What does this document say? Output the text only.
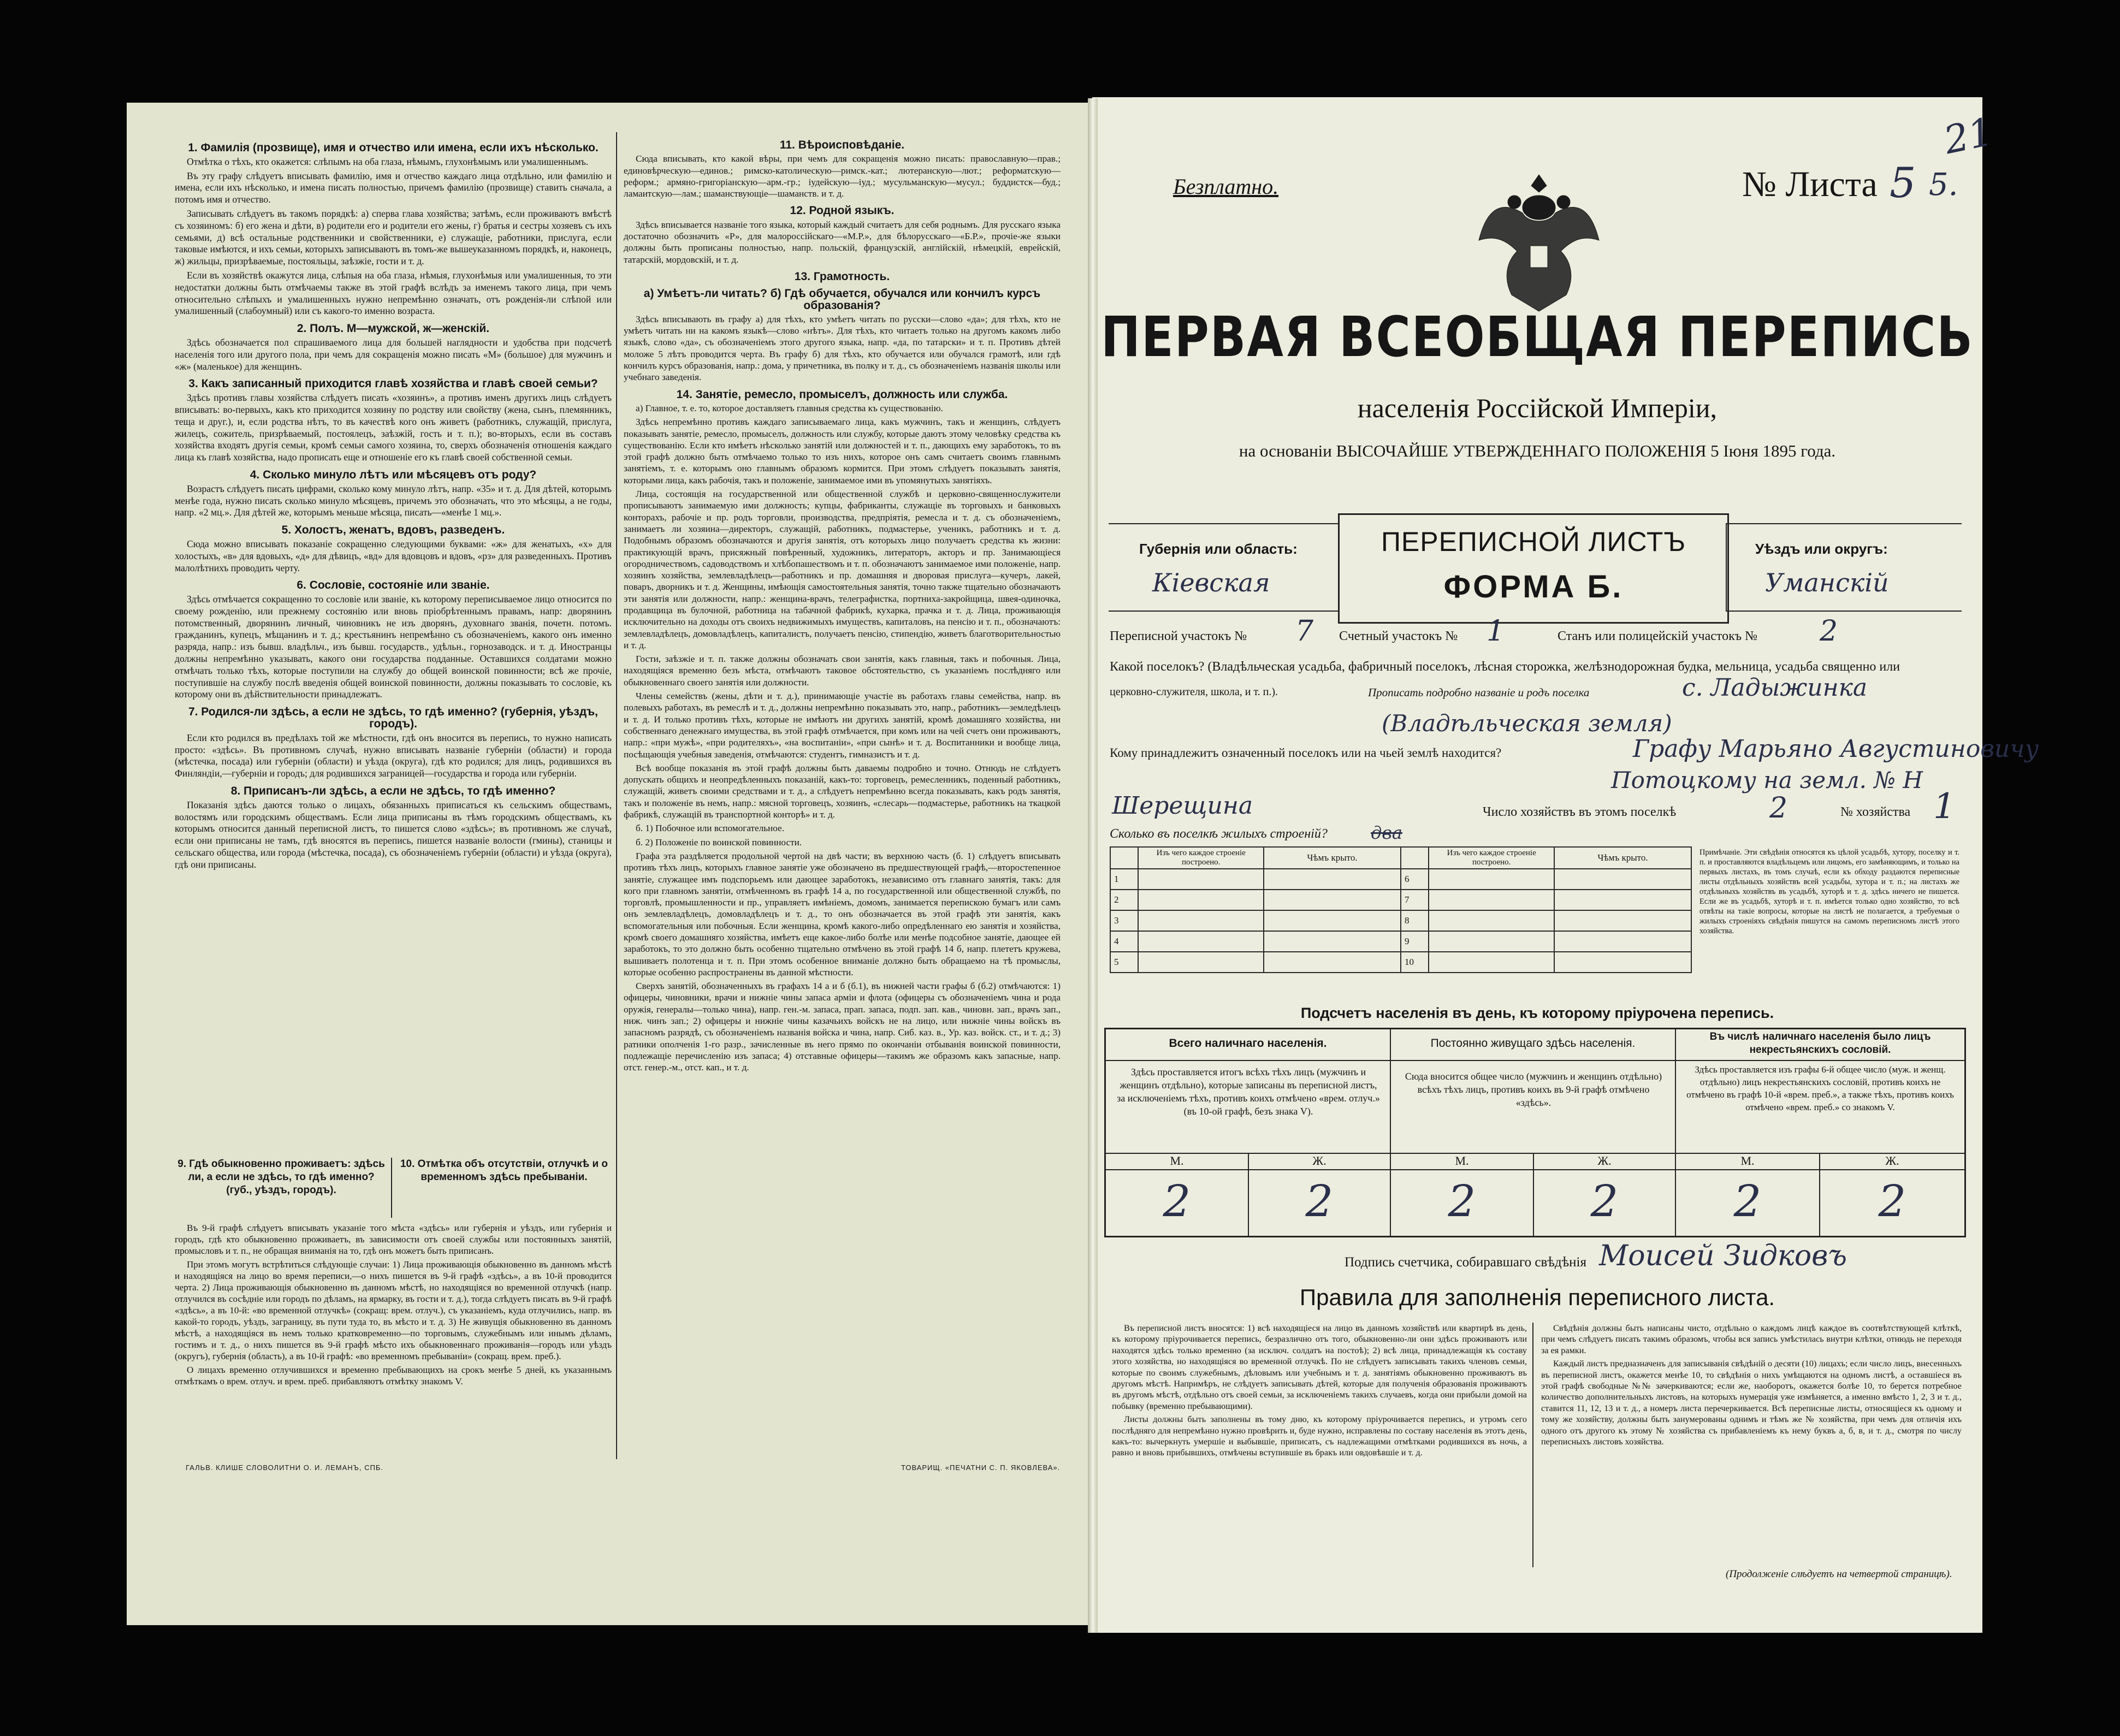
1. Фамилія (прозвище), имя и отчество или имена, если ихъ нѣсколько.

Отмѣтка о тѣхъ, кто окажется: слѣпымъ на оба глаза, нѣмымъ, глухонѣмымъ или умалишеннымъ.

Въ эту графу слѣдуетъ вписывать фамилію, имя и отчество каждаго лица отдѣльно, или фамилію и имена, если ихъ нѣсколько, и имена писать полностью, причемъ фамилію (прозвище) ставить сначала, а потомъ имя и отчество.

Записывать слѣдуетъ въ такомъ порядкѣ: а) сперва глава хозяйства; затѣмъ, если проживаютъ вмѣстѣ съ хозяиномъ: б) его жена и дѣти, в) родители его и родители его жены, г) братья и сестры хозяевъ съ ихъ семьями, д) всѣ остальные родственники и свойственники, е) служащіе, работники, прислуга, если таковые имѣются, и ихъ семьи, которыхъ записываютъ въ томъ-же вышеуказанномъ порядкѣ, и, наконецъ, ж) жильцы, призрѣваемые, постояльцы, заѣзжіе, гости и т. д.

Если въ хозяйствѣ окажутся лица, слѣпыя на оба глаза, нѣмыя, глухонѣмыя или умалишенныя, то эти недостатки должны быть отмѣчаемы также въ этой графѣ вслѣдъ за именемъ такого лица, при чемъ относительно слѣпыхъ и умалишенныхъ нужно непремѣнно означать, отъ рожденія-ли слѣпой или умалишенный (слабоумный) или съ какого-то именно возраста.

2. Полъ. М—мужской, ж—женскій.

Здѣсь обозначается пол спрашиваемого лица для большей наглядности и удобства при подсчетѣ населенія того или другого пола, при чемъ для сокращенія можно писать «М» (большое) для мужчинъ и «ж» (маленькое) для женщинъ.

3. Какъ записанный приходится главѣ хозяйства и главѣ своей семьи?

Здѣсь противъ главы хозяйства слѣдуетъ писать «хозяинъ», а противъ именъ другихъ лицъ слѣдуетъ вписывать: во-первыхъ, какъ кто приходится хозяину по родству или свойству (жена, сынъ, племянникъ, теща и друг.), и, если родства нѣтъ, то въ качествѣ кого онъ живетъ (работникъ, служащій, прислуга, жилецъ, сожитель, призрѣваемый, постоялецъ, заѣзжій, гость и т. п.); во-вторыхъ, если въ составъ хозяйства входятъ другія семьи, кромѣ семьи самого хозяина, то, сверхъ обозначенія отношенія каждаго лица къ главѣ хозяйства, надо прописать еще и отношеніе его къ главѣ своей собственной семьи.

4. Сколько минуло лѣтъ или мѣсяцевъ отъ роду?

Возрастъ слѣдуетъ писать цифрами, сколько кому минуло лѣтъ, напр. «35» и т. д. Для дѣтей, которымъ менѣе года, нужно писать сколько минуло мѣсяцевъ, причемъ это обозначать, что это мѣсяцы, а не годы, напр. «2 мц.». Для дѣтей же, которымъ меньше мѣсяца, писать—«менѣе 1 мц.».

5. Холостъ, женатъ, вдовъ, разведенъ.

Сюда можно вписывать показаніе сокращенно следующими буквами: «ж» для женатыхъ, «х» для холостыхъ, «в» для вдовыхъ, «д» для дѣвицъ, «вд» для вдовцовъ и вдовъ, «рз» для разведенныхъ. Противъ малолѣтнихъ проводить черту.

6. Сословіе, состояніе или званіе.

Здѣсь отмѣчается сокращенно то сословіе или званіе, къ которому переписываемое лицо относится по своему рожденію, или прежнему состоянію или вновь пріобрѣтеннымъ правамъ, напр: дворянинъ потомственный, дворянинъ личный, чиновникъ не изъ дворянъ, духовнаго званія, почетн. потомъ. гражданинъ, купецъ, мѣщанинъ и т. д.; крестьянинъ непремѣнно съ обозначеніемъ, какого онъ именно разряда, напр.: изъ бывш. владѣльч., изъ бывш. государств., удѣльн., горнозаводск. и т. д. Иностранцы должны непремѣнно указывать, какого они государства подданные. Оставшихся солдатами можно отмѣчать только тѣхъ, которые поступили на службу до общей воинской повинности; всѣ же прочіе, поступившіе на службу послѣ введенія общей воинской повинности, должны показывать то сословіе, къ которому они въ дѣйствительности принадлежатъ.

7. Родился-ли здѣсь, а если не здѣсь, то гдѣ именно? (губернія, уѣздъ, городъ).

Если кто родился въ предѣлахъ той же мѣстности, гдѣ онъ вносится въ перепись, то нужно написать просто: «здѣсь». Въ противномъ случаѣ, нужно вписывать названіе губерніи (области) и города (мѣстечка, посада) или губерніи (области) и уѣзда (округа), гдѣ кто родился; для лицъ, родившихся въ Финляндіи,—губерніи и городъ; для родившихся заграницей—государства и города или губерніи.

8. Приписанъ-ли здѣсь, а если не здѣсь, то гдѣ именно?

Показанія здѣсь даются только о лицахъ, обязанныхъ приписаться къ сельскимъ обществамъ, волостямъ или городскимъ обществамъ. Если лица приписаны въ тѣмъ городскимъ обществамъ, къ которымъ относится данный переписной листъ, то пишется слово «здѣсь»; въ противномъ же случаѣ, если они приписаны не тамъ, гдѣ вносятся въ перепись, пишется названіе волости (гмины), станицы и сельскаго общества, или города (мѣстечка, посада), съ обозначеніемъ губерніи (области) и уѣзда (округа), гдѣ они приписаны.

9. Гдѣ обыкновенно проживаетъ: здѣсь ли, а если не здѣсь, то гдѣ именно? (губ., уѣздъ, городъ).
10. Отмѣтка объ отсутствіи, отлучкѣ и о временномъ здѣсь пребываніи.

Въ 9-й графѣ слѣдуетъ вписывать указаніе того мѣста «здѣсь» или губернія и уѣздъ, или губернія и городъ, гдѣ кто обыкновенно проживаетъ, въ зависимости отъ своей службы или постоянныхъ занятій, промысловъ и т. п., не обращая вниманія на то, гдѣ онъ можетъ быть приписанъ.

При этомъ могутъ встрѣтиться слѣдующіе случаи: 1) Лица проживающія обыкновенно въ данномъ мѣстѣ и находящіяся на лицо во время переписи,—о нихъ пишется въ 9-й графѣ «здѣсь», а въ 10-й проводится черта. 2) Лица проживающія обыкновенно въ данномъ мѣстѣ, но находящіяся во временной отлучкѣ (напр. отлучился въ сосѣдніе или городъ по дѣламъ, на ярмарку, въ гости и т. д.), тогда слѣдуетъ писать въ 9-й графѣ «здѣсь», а въ 10-й: «во временной отлучкѣ» (сокращ: врем. отлуч.), съ указаніемъ, куда отлучились, напр. въ какой-то городъ, уѣздъ, заграницу, въ пути туда то, въ мѣсто и т. д. 3) Не живущія обыкновенно въ данномъ мѣстѣ, а находящіяся въ немъ только кратковременно—по торговымъ, служебнымъ или инымъ дѣламъ, гостимъ и т. д., о нихъ пишется въ 9-й графѣ мѣсто ихъ обыкновеннаго проживанія—городъ или уѣздъ (округъ), губернія (область), а въ 10-й графѣ: «во временномъ пребываніи» (сокращ. врем. преб.).

О лицахъ временно отлучившихся и временно пребывающихъ на срокъ менѣе 5 дней, къ указаннымъ отмѣткамъ о врем. отлуч. и врем. преб. прибавляютъ отмѣтку знакомъ V.

11. Вѣроисповѣданіе.

Сюда вписывать, кто какой вѣры, при чемъ для сокращенія можно писать: православную—прав.; единовѣрческую—единов.; римско-католическую—римск.-кат.; лютеранскую—лют.; реформатскую—реформ.; армяно-григоріанскую—арм.-гр.; іудейскую—іуд.; мусульманскую—мусул.; буддистск—буд.; ламаитскую—лам.; шаманствующіе—шаманств. и т. д.

12. Родной языкъ.

Здѣсь вписывается названіе того языка, который каждый считаетъ для себя роднымъ. Для русскаго языка достаточно обозначить «Р», для малороссійскаго—«М.Р.», для бѣлорусскаго—«Б.Р.», прочіе-же языки должны быть прописаны полностью, напр. польскій, французскій, англійскій, нѣмецкій, еврейскій, татарскій, мордовскій, и т. д.

13. Грамотность.
а) Умѣетъ-ли читать? б) Гдѣ обучается, обучался или кончилъ курсъ образованія?

Здѣсь вписывають въ графу а) для тѣхъ, кто умѣетъ читать по русски—слово «да»; для тѣхъ, кто не умѣетъ читать ни на какомъ языкѣ—слово «нѣтъ». Для тѣхъ, кто читаетъ только на другомъ какомъ либо языкѣ, слово «да», съ обозначеніемъ этого другого языка, напр. «да, по татарски» и т. п. Противъ дѣтей моложе 5 лѣтъ проводится черта. Въ графу б) для тѣхъ, кто обучается или обучался грамотѣ, или гдѣ кончилъ курсъ образованія, напр.: дома, у причетника, въ полку и т. д., съ обозначеніемъ названія школы или учебнаго заведенія.

14. Занятіе, ремесло, промыселъ, должность или служба.

а) Главное, т. е. то, которое доставляетъ главныя средства къ существованію.

Здѣсь непремѣнно противъ каждаго записываемаго лица, какъ мужчинъ, такъ и женщинъ, слѣдуетъ показывать занятіе, ремесло, промыселъ, должность или службу, которые даютъ этому человѣку средства къ существованію. Если кто имѣетъ нѣсколько занятій или должностей и т. п., дающихъ ему заработокъ, то въ этой графѣ должно быть отмѣчаемо только то изъ нихъ, которое онъ самъ считаетъ своимъ главнымъ занятіемъ, т. е. которымъ оно главнымъ образомъ кормится. При этомъ слѣдуетъ показывать занятія, которыми лица, какъ рабочія, такъ и положеніе, занимаемое ими въ упомянутыхъ занятіяхъ.

Лица, состоящія на государственной или общественной службѣ и церковно-священнослужители прописываютъ занимаемую ими должность; купцы, фабриканты, служащіе въ торговыхъ и банковыхъ конторахъ, рабочіе и пр. родъ торговли, производства, предпріятія, ремесла и т. д. съ обозначеніемъ, занимаетъ ли хозяина—директоръ, служащій, работникъ, подмастерье, ученикъ, работникъ и т. д. Подобнымъ образомъ обозначаются и другія занятія, отъ которыхъ лицо получаетъ средства къ жизни: практикующій врачъ, присяжный повѣренный, художникъ, литераторъ, акторъ и пр. Занимающіеся огородничествомъ, садоводствомъ и хлѣбопашествомъ и т. п. обозначаютъ занимаемое ими положеніе, напр. хозяинъ хозяйства, землевладѣлецъ—работникъ и пр. домашняя и дворовая прислуга—кучеръ, лакей, поваръ, дворникъ и т. д. Женщины, имѣющія самостоятельныя занятія, точно также тщательно обозначаютъ эти занятія или должности, напр.: женщина-врачъ, телеграфистка, портниха-закройщица, швея-одиночка, продавщица въ булочной, работница на табачной фабрикѣ, кухарка, прачка и т. д. Лица, проживающія исключительно на доходы отъ своихъ недвижимыхъ имуществъ, капиталовъ, на пенсію и т. п., обозначаютъ: землевладѣлецъ, домовладѣлецъ, капиталистъ, получаетъ пенсію, стипендію, живетъ благотворительностью и т. д.

Гости, заѣзжіе и т. п. также должны обозначать свои занятія, какъ главныя, такъ и побочныя. Лица, находящіяся временно безъ мѣста, отмѣчаютъ таковое обстоятельство, съ указаніемъ послѣдняго или обыкновеннаго своего занятія или должности.

Члены семействъ (жены, дѣти и т. д.), принимающіе участіе въ работахъ главы семейства, напр. въ полевыхъ работахъ, въ ремеслѣ и т. д., должны непремѣнно показывать это, напр., работникъ—земледѣлецъ и т. д. И только противъ тѣхъ, которые не имѣютъ ни другихъ занятій, кромѣ домашняго хозяйства, ни собственнаго денежнаго имущества, въ этой графѣ отмѣчается, при комъ или на чей счетъ они проживаютъ, напр.: «при мужѣ», «при родителяхъ», «на воспитаніи», «при сынѣ» и т. д. Воспитанники и вообще лица, посѣщающія учебныя заведенія, отмѣчаются: студентъ, гимназистъ и т. д.

Всѣ вообще показанія въ этой графѣ должны быть даваемы подробно и точно. Отнюдь не слѣдуетъ допускать общихъ и неопредѣленныхъ показаній, какъ-то: торговецъ, ремесленникъ, поденный работникъ, служащій, живетъ своими средствами и т. д., а слѣдуетъ непремѣнно всегда показывать, какъ родъ занятія, такъ и положеніе въ немъ, напр.: мясной торговецъ, хозяинъ, «слесарь—подмастерье, работникъ на ткацкой фабрикѣ, служащій въ транспортной конторѣ» и т. д.

б. 1) Побочное или вспомогательное.

б. 2) Положеніе по воинской повинности.

Графа эта раздѣляется продольной чертой на двѣ части; въ верхнюю часть (б. 1) слѣдуетъ вписывать противъ тѣхъ лицъ, которыхъ главное занятіе уже обозначено въ предшествующей графѣ,—второстепенное занятіе, служащее имъ подспорьемъ или дающее заработокъ, независимо отъ главнаго занятія, такъ: для кого при главномъ занятіи, отмѣченномъ въ графѣ 14 а, по государственной или общественной службѣ, по торговлѣ, промышленности и пр., управляетъ имѣніемъ, домомъ, занимается перепискою бумагъ или самъ онъ землевладѣлецъ, домовладѣлецъ и т. д., то онъ обозначается въ этой графѣ эти занятія, какъ вспомогательныя или побочныя. Если женщина, кромѣ какого-либо опредѣленнаго ею занятія и хозяйства, кромѣ своего домашняго хозяйства, имѣетъ еще какое-либо болѣе или менѣе подсобное занятіе, дающее ей заработокъ, то это должно быть особенно тщательно отмѣчено въ этой графѣ 14 б, напр. плететъ кружева, вышиваетъ полотенца и т. п. При этомъ особенное вниманіе должно быть обращаемо на тѣ промыслы, которые особенно распространены въ данной мѣстности.

Сверхъ занятій, обозначенныхъ въ графахъ 14 а и б (б.1), въ нижней части графы б (б.2) отмѣчаются: 1) офицеры, чиновники, врачи и нижніе чины запаса армiи и флота (офицеры съ обозначеніемъ чина и рода оружія, генералы—только чина), напр. ген.-м. запаса, прап. запаса, подп. зап. кав., чиновн. зап., врачъ зап., ниж. чинъ зап.; 2) офицеры и нижніе чины казачьихъ войскъ не на лицо, или нижніе чины войскъ въ запасномъ разрядѣ, съ обозначеніемъ названія войска и чина, напр. Сиб. каз. в., Ур. каз. войск. ст., и т. д.; 3) ратники ополченія 1-го разр., зачисленные въ него прямо по окончаніи отбыванія воинской повинности, подлежащіе перечисленію изъ запаса; 4) отставные офицеры—такимъ же образомъ какъ запасные, напр. отст. генер.-м., отст. кап., и т. д.

ГАЛЬВ. КЛИШЕ СЛОВОЛИТНИ О. И. ЛЕМАНЪ, СПБ.	ТОВАРИЩ. «ПЕЧАТНИ С. П. ЯКОВЛЕВА».
Безплатно.	№ Листа 5 5.
21
ПЕРВАЯ ВСЕОБЩАЯ ПЕРЕПИСЬ
населенія Россійской Имперіи,
на основаніи ВЫСОЧАЙШЕ УТВЕРЖДЕННАГО ПОЛОЖЕНІЯ 5 Іюня 1895 года.
Губернія или область:
Кіевская
ПЕРЕПИСНОЙ ЛИСТЪ
ФОРМА Б.
Уѣздъ или округъ:
Уманскій
Переписной участокъ № 7 Счетный участокъ № 1	Станъ или полицейскій участокъ № 2
Какой поселокъ? (Владѣльческая усадьба, фабричный поселокъ, лѣсная сторожка, желѣзнодорожная будка, мельница, усадьба священно или
церковно-служителя, школа, и т. п.).	Прописать подробно названіе и родъ поселка	с. Ладыжинка
(Владѣльческая земля)
Кому принадлежитъ означенный поселокъ или на чьей землѣ находится?	Графу Марьяно Августиновичу
Потоцкому на земл. № Н
Шерещина	Число хозяйствъ въ этомъ поселкѣ	2	№ хозяйства 1
Сколько въ поселкѣ жилыхъ строеній? два
	Изъ чего каждое строеніе построено.	Чѣмъ крыто.		Изъ чего каждое строеніе построено.	Чѣмъ крыто.
1			6		
2			7		
3			8		
4			9		
5			10		
Примѣчаніе. Эти свѣдѣнія относятся къ цѣлой усадьбѣ, хутору, поселку и т. п. и проставляются владѣльцемъ или лицомъ, его замѣняющимъ, и только на первыхъ листахъ, въ томъ случаѣ, если къ обходу раздаются переписные листы отдѣльныхъ хозяйствъ всей усадьбы, хутора и т. п.; на листахъ же отдѣльныхъ хозяйствъ въ усадьбѣ, хуторѣ и т. д. здѣсь ничего не пишется. Если же въ усадьбѣ, хуторѣ и т. п. имѣется только одно хозяйство, то всѣ отвѣты на такіе вопросы, которые на листѣ не полагается, а требуемыя о жилыхъ строеніяхъ свѣдѣнія пишутся на самомъ переписномъ листѣ этого хозяйства.
Подсчетъ населенія въ день, къ которому пріурочена перепись.
Всего наличнаго населенія.	Постоянно живущаго здѣсь населенія.
Въ числѣ наличнаго населенія было лицъ некрестьянскихъ сословій.
Здѣсь проставляется итогъ всѣхъ тѣхъ лицъ (мужчинъ и женщинъ отдѣльно), которые записаны въ переписной листъ, за исключеніемъ тѣхъ, противъ коихъ отмѣчено «врем. отлуч.» (въ 10-ой графѣ, безъ знака V).
Сюда вносится общее число (мужчинъ и женщинъ отдѣльно) всѣхъ тѣхъ лицъ, противъ коихъ въ 9-й графѣ отмѣчено «здѣсь».
Здѣсь проставляется изъ графы 6-й общее число (муж. и женщ. отдѣльно) лицъ некрестьянскихъ сословій, противъ коихъ не отмѣчено въ графѣ 10-й «врем. преб.», а также тѣхъ, противъ коихъ отмѣчено «врем. преб.» со знакомъ V.
М.	Ж.	М.	Ж.	М.	Ж.
2	2	2	2	2	2
Подпись счетчика, собиравшаго свѣдѣнія Моисей Зидковъ
Правила для заполненія переписного листа.

Въ переписной листъ вносятся: 1) всѣ находящіеся на лицо въ данномъ хозяйствѣ или квартирѣ въ день, къ которому пріурочивается перепись, безразлично отъ того, обыкновенно-ли они здѣсь проживаютъ или находятся здѣсь только временно (за исключ. солдатъ на постоѣ); 2) всѣ лица, принадлежащія къ составу этого хозяйства, но находящіяся во временной отлучкѣ. По не слѣдуетъ записывать такихъ членовъ семьи, которые по своимъ служебнымъ, дѣловымъ или учебнымъ и т. д. занятіямъ обыкновенно проживаютъ въ другомъ мѣстѣ. Напримѣръ, не слѣдуетъ записывать дѣтей, которые для полученія образованія проживаютъ въ другомъ мѣстѣ, отдѣльно отъ своей семьи, за исключеніемъ такихъ случаевъ, когда они прибыли домой на побывку (временно пребывающими).

Листы должны быть заполнены въ тому дню, къ которому пріурочивается перепись, и утромъ сего послѣдняго для непремѣнно нужно провѣрить и, буде нужно, исправлены по составу населенія въ этотъ день, какъ-то: вычеркнуть умершіе и выбывшіе, приписать, съ надлежащими отмѣтками родившихся въ ночь, а равно и вновь прибывшихъ, отмѣчены вступившіе въ бракъ или овдовѣвшіе и т. д.

Свѣдѣнія должны быть написаны чисто, отдѣльно о каждомъ лицѣ каждое въ соотвѣтствующей клѣткѣ, при чемъ слѣдуетъ писать такимъ образомъ, чтобы вся запись умѣстилась внутри клѣтки, отнюдь не переходя за ея рамки.

Каждый листъ предназначенъ для записыванія свѣдѣній о десяти (10) лицахъ; если число лицъ, внесенныхъ въ переписной листъ, окажется менѣе 10, то свѣдѣнія о нихъ умѣщаются на одномъ листѣ, а оставшіеся въ этой графѣ свободные №№ зачеркиваются; если же, наоборотъ, окажется болѣе 10, то берется потребное количество дополнительныхъ листовъ, на которыхъ нумерація уже измѣняется, а именно вмѣсто 1, 2, 3 и т. д., ставится 11, 12, 13 и т. д., а номеръ листа перечеркивается. Всѣ переписные листы, относящіеся къ одному и тому же хозяйству, должны быть занумерованы однимъ и тѣмъ же № хозяйства, при чемъ для отличія ихъ одного отъ другого къ этому № хозяйства съ прибавленіемъ къ нему буквъ а, б, в, и т. д., смотря по числу переписныхъ листовъ хозяйства.

(Продолженіе слѣдуетъ на четвертой страницѣ).
